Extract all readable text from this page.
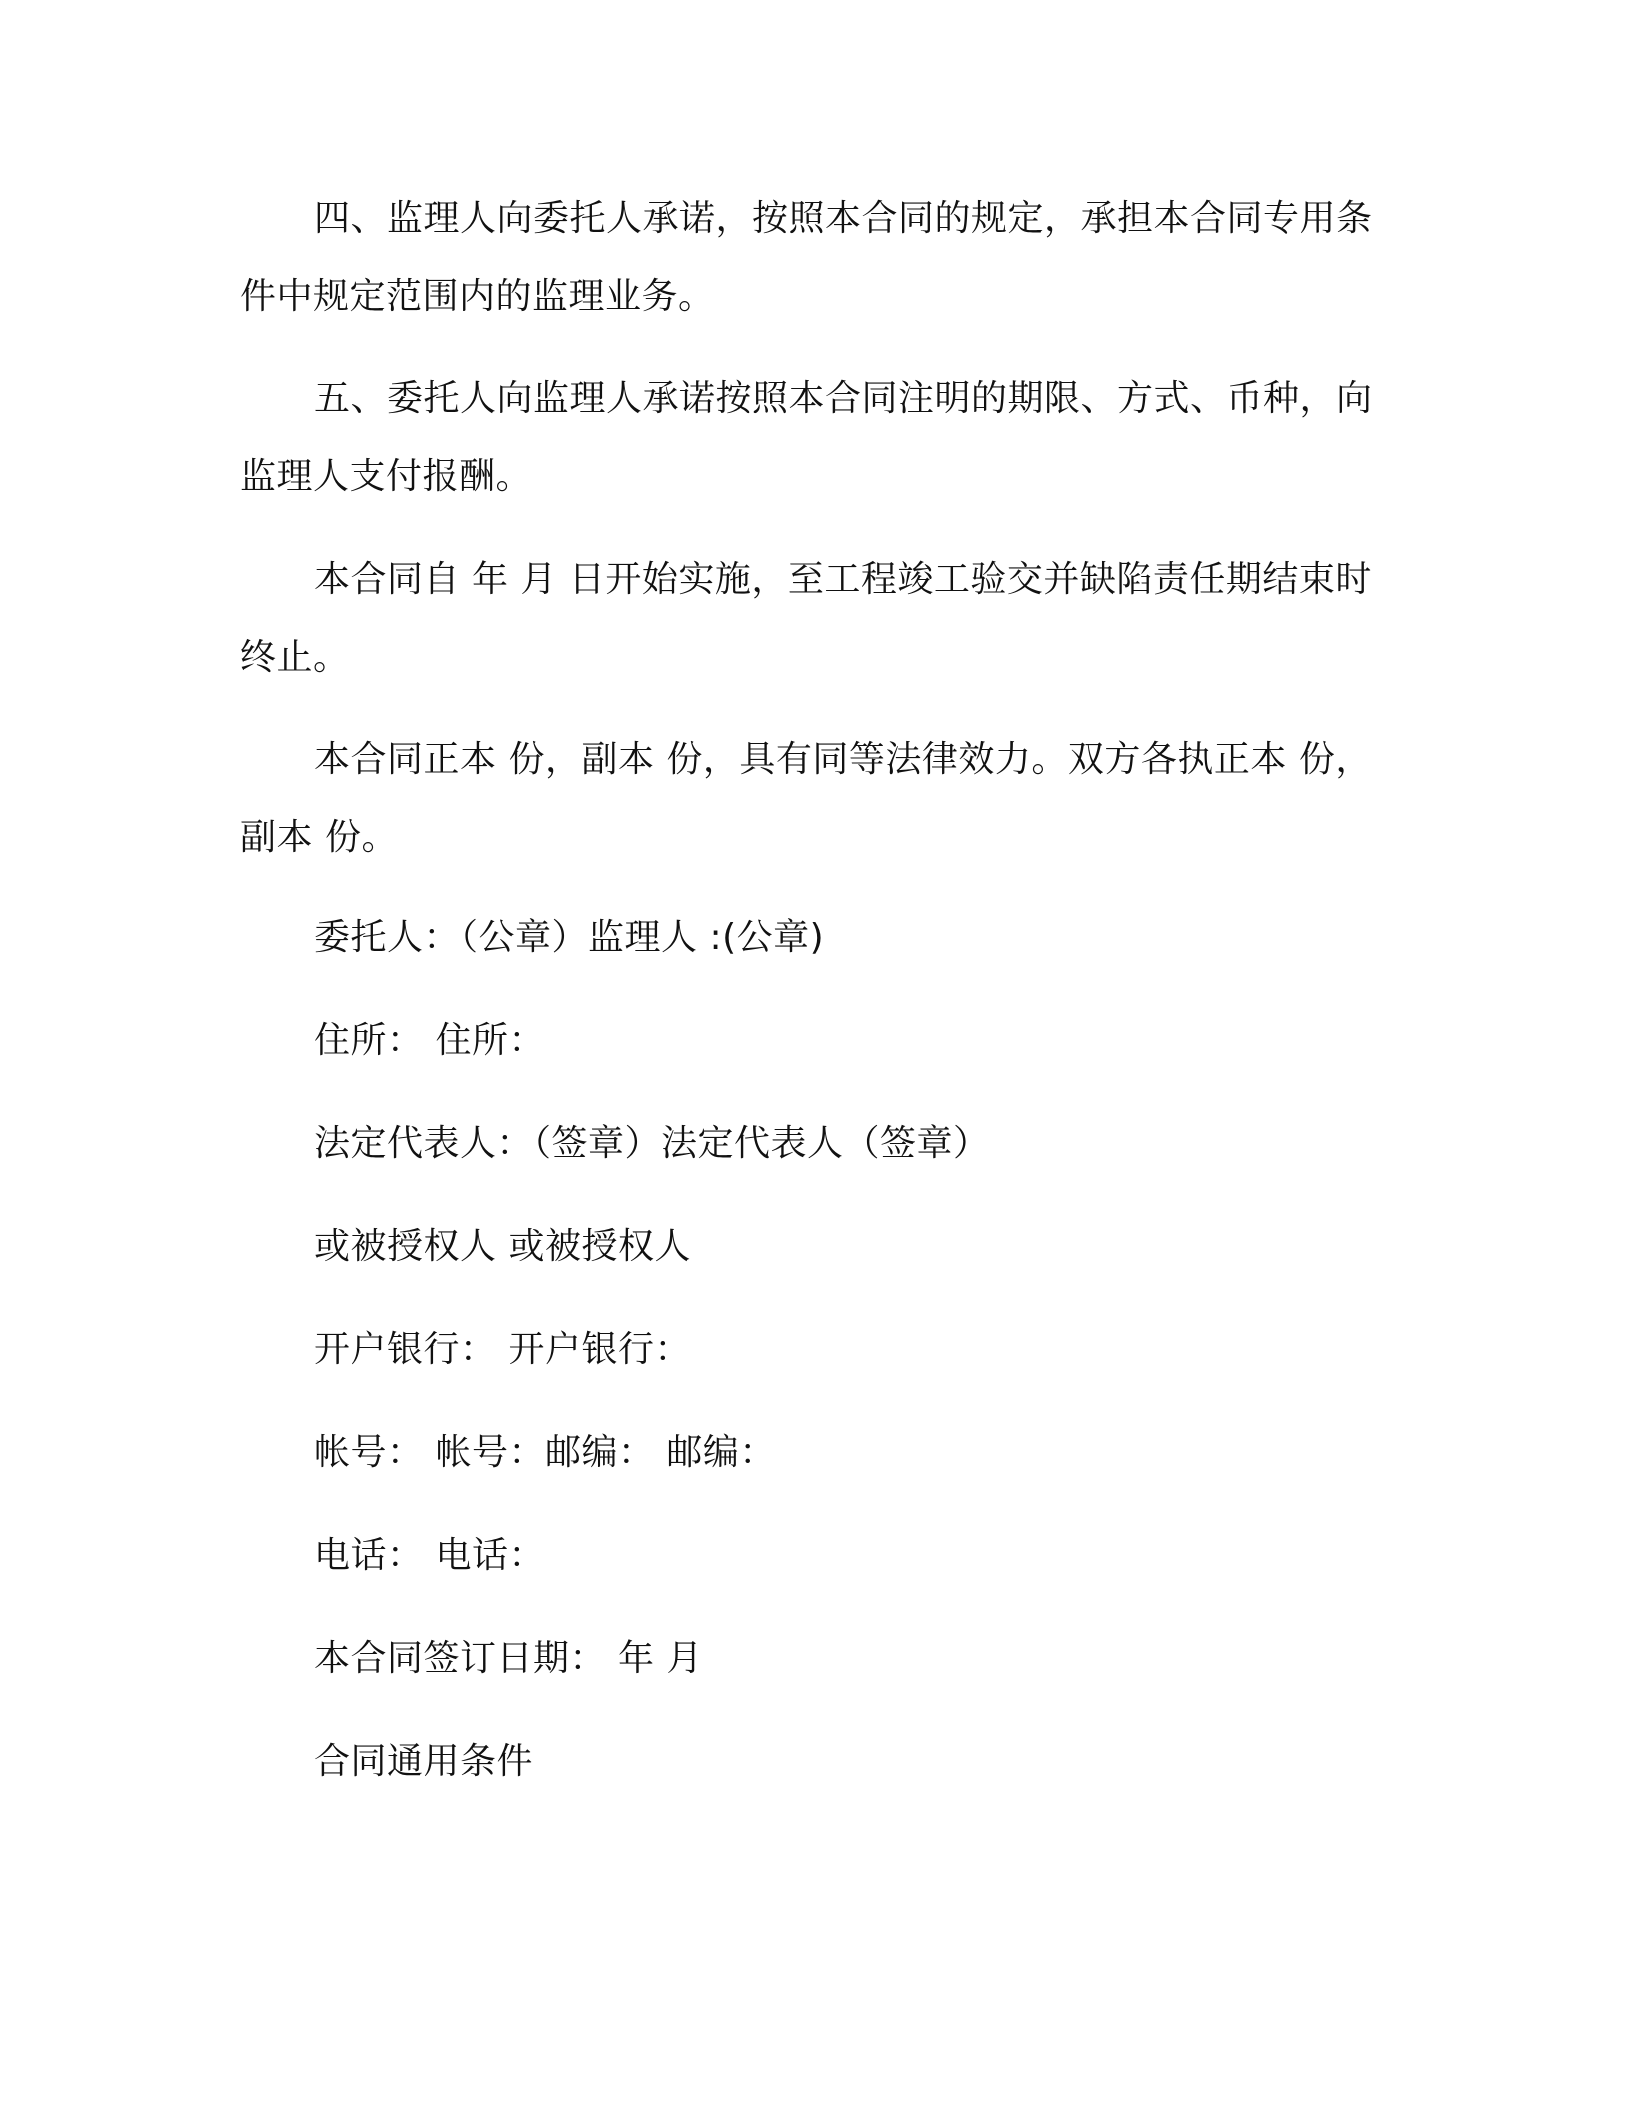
四、监理人向委托人承诺，按照本合同的规定，承担本合同专用条件中规定范围内的监理业务。

五、委托人向监理人承诺按照本合同注明的期限、方式、币种，向监理人支付报酬。

本合同自 年 月 日开始实施，至工程竣工验交并缺陷责任期结束时终止。

本合同正本 份，副本 份，具有同等法律效力。双方各执正本 份，副本 份。

委托人：（公章）监理人 :(公章)

住所： 住所：

法定代表人：（签章）法定代表人（签章）

或被授权人 或被授权人

开户银行： 开户银行：

帐号： 帐号：邮编： 邮编：

电话： 电话：

本合同签订日期： 年 月

合同通用条件
